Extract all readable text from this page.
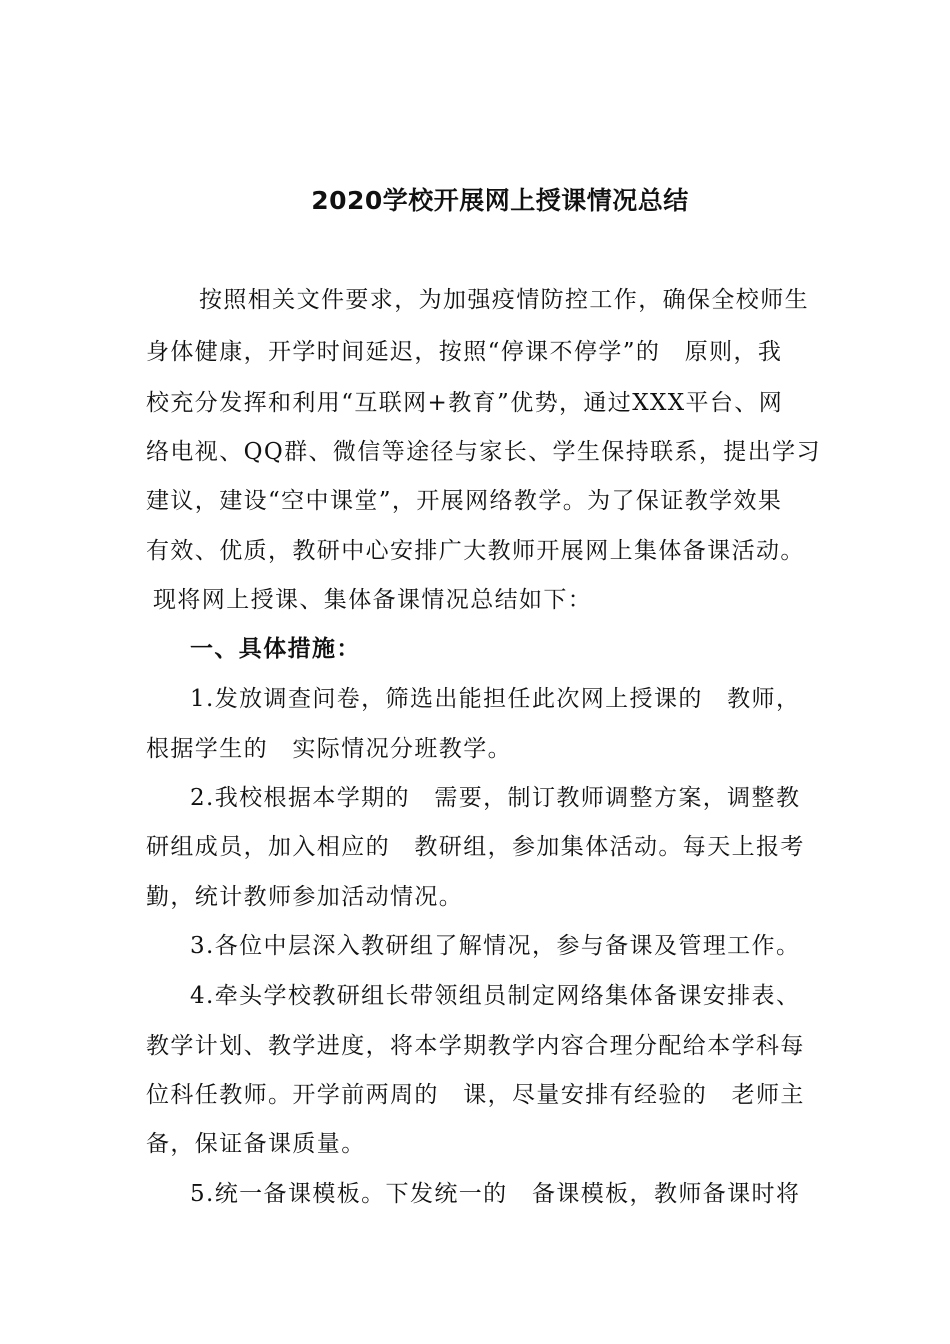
2020学校开展网上授课情况总结
按照相关文件要求，为加强疫情防控工作，确保全校师生
身体健康，开学时间延迟，按照“停课不停学”的　原则，我
校充分发挥和利用“互联网+教育”优势，通过XXX平台、网
络电视、QQ群、微信等途径与家长、学生保持联系，提出学习
建议，建设“空中课堂”，开展网络教学。为了保证教学效果
有效、优质，教研中心安排广大教师开展网上集体备课活动。
现将网上授课、集体备课情况总结如下：
一、具体措施：
1.发放调查问卷，筛选出能担任此次网上授课的　教师，
根据学生的　实际情况分班教学。
2.我校根据本学期的　需要，制订教师调整方案，调整教
研组成员，加入相应的　教研组，参加集体活动。每天上报考
勤，统计教师参加活动情况。
3.各位中层深入教研组了解情况，参与备课及管理工作。
4.牵头学校教研组长带领组员制定网络集体备课安排表、
教学计划、教学进度，将本学期教学内容合理分配给本学科每
位科任教师。开学前两周的　课，尽量安排有经验的　老师主
备，保证备课质量。
5.统一备课模板。下发统一的　备课模板，教师备课时将
